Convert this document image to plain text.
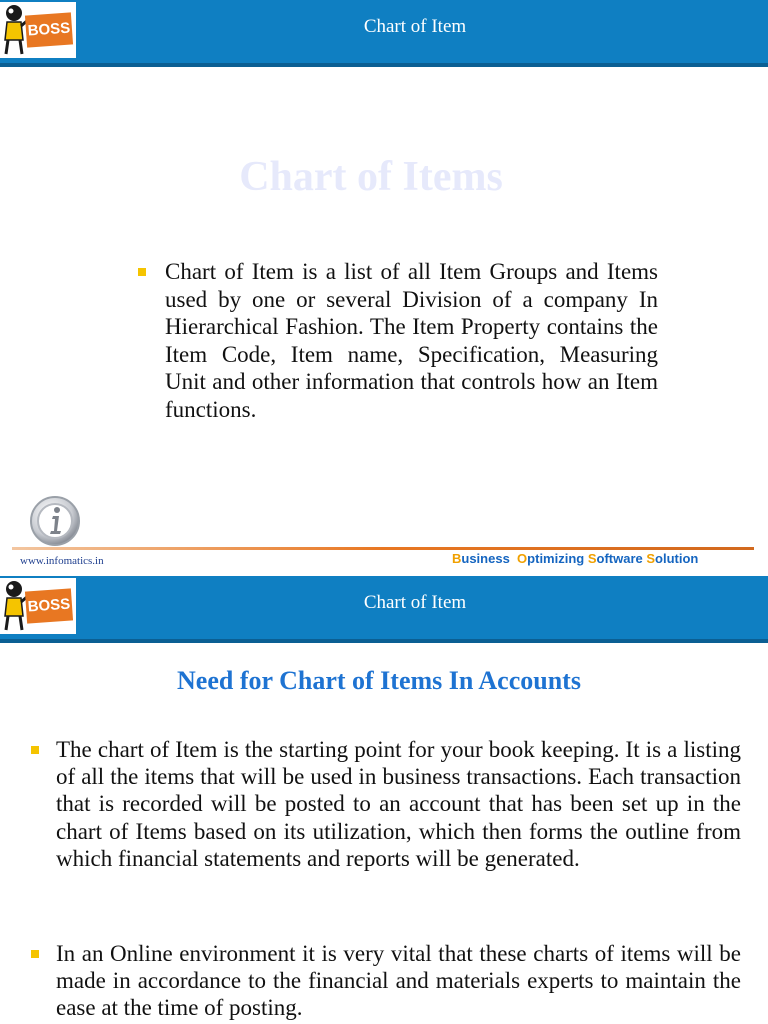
Chart of Item
BOSS
Chart of Items
Chart of Item is a list of all Item Groups and Items used by one or several Division of a company In Hierarchical Fashion. The Item Property contains the Item Code, Item name, Specification, Measuring Unit and other information that controls how an Item functions.
www.infomatics.in	Business Optimizing Software Solution
Chart of Item
BOSS
Need for Chart of Items In Accounts
The chart of Item is the starting point for your book keeping. It is a listing of all the items that will be used in business transactions. Each transaction that is recorded will be posted to an account that has been set up in the chart of Items based on its utilization, which then forms the outline from which financial statements and reports will be generated.
In an Online environment it is very vital that these charts of items will be made in accordance to the financial and materials experts to maintain the ease at the time of posting.
